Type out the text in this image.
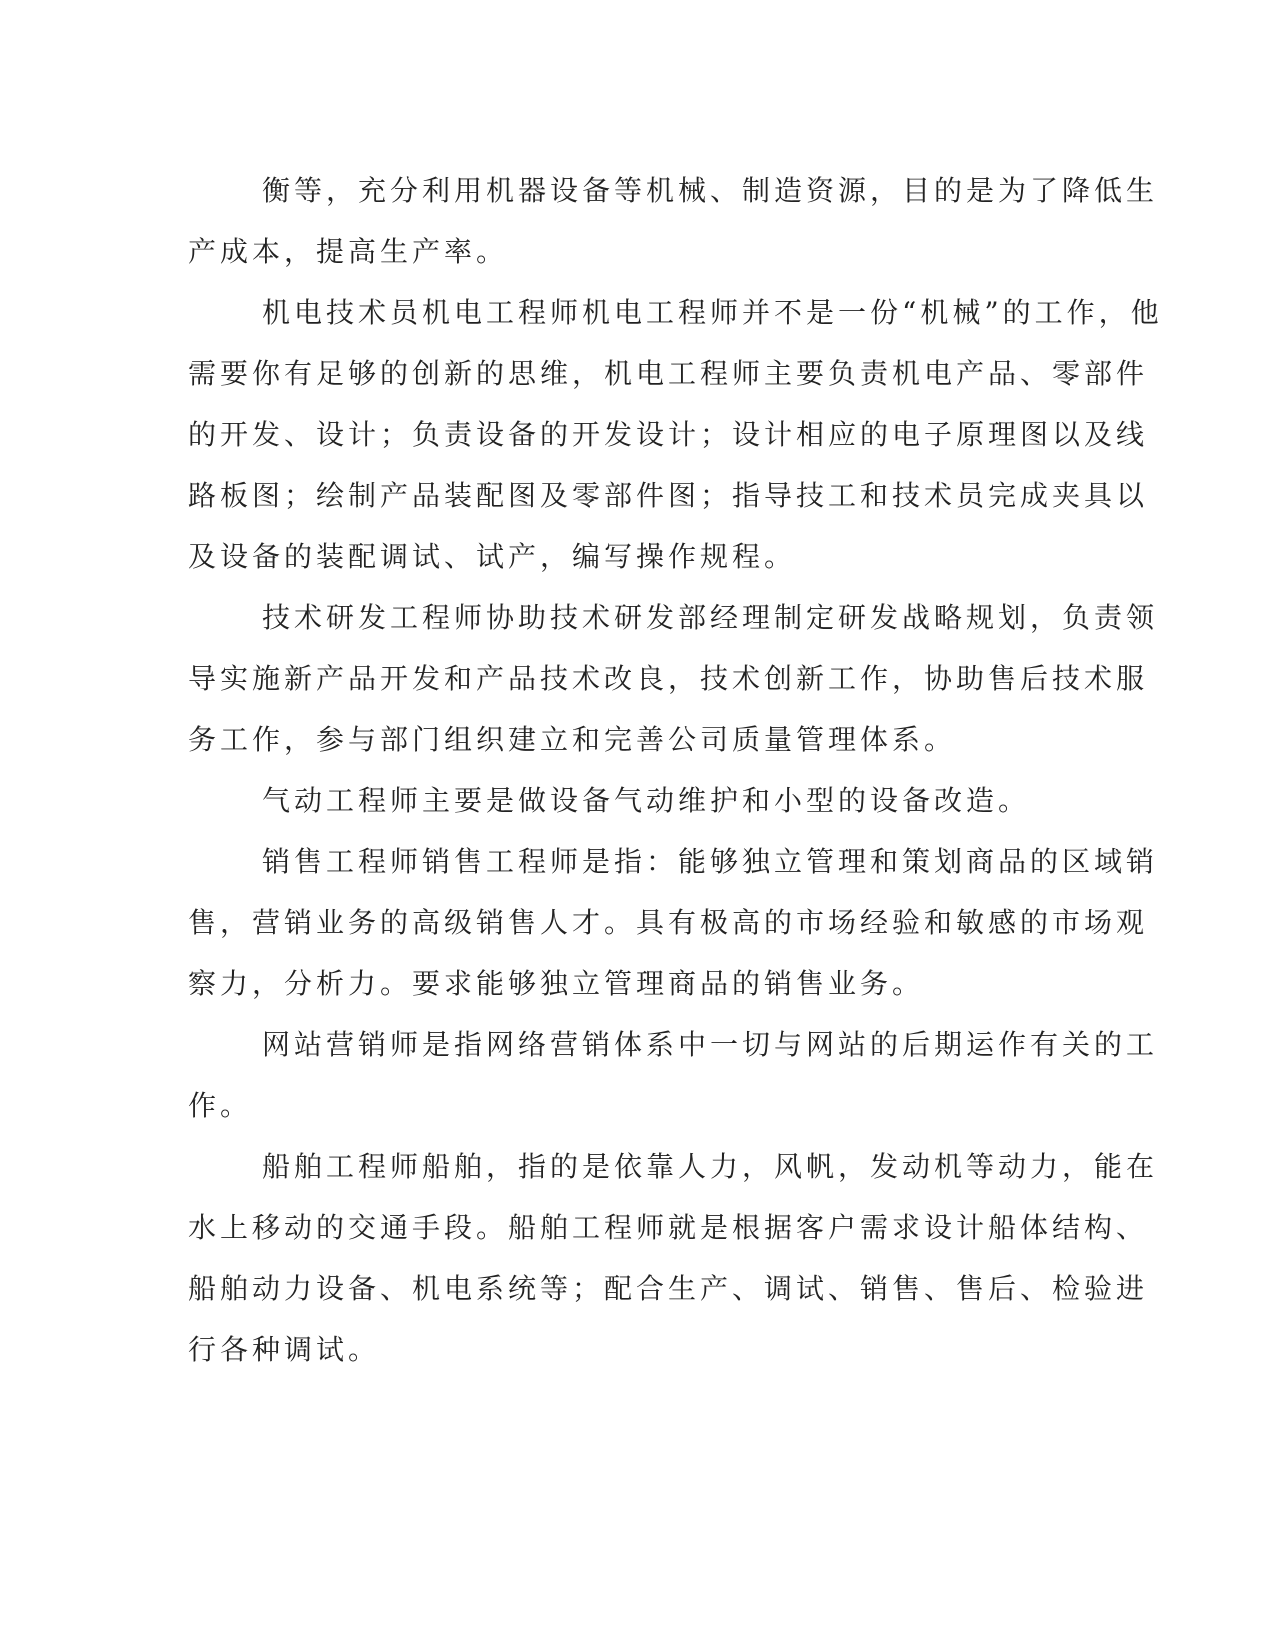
衡等，充分利用机器设备等机械、制造资源，目的是为了降低生
产成本，提高生产率。

机电技术员机电工程师机电工程师并不是一份“机械”的工作，他
需要你有足够的创新的思维，机电工程师主要负责机电产品、零部件
的开发、设计；负责设备的开发设计；设计相应的电子原理图以及线
路板图；绘制产品装配图及零部件图；指导技工和技术员完成夹具以
及设备的装配调试、试产，编写操作规程。

技术研发工程师协助技术研发部经理制定研发战略规划，负责领
导实施新产品开发和产品技术改良，技术创新工作，协助售后技术服
务工作，参与部门组织建立和完善公司质量管理体系。

气动工程师主要是做设备气动维护和小型的设备改造。

销售工程师销售工程师是指：能够独立管理和策划商品的区域销
售，营销业务的高级销售人才。具有极高的市场经验和敏感的市场观
察力，分析力。要求能够独立管理商品的销售业务。

网站营销师是指网络营销体系中一切与网站的后期运作有关的工
作。

船舶工程师船舶，指的是依靠人力，风帆，发动机等动力，能在
水上移动的交通手段。船舶工程师就是根据客户需求设计船体结构、
船舶动力设备、机电系统等；配合生产、调试、销售、售后、检验进
行各种调试。
